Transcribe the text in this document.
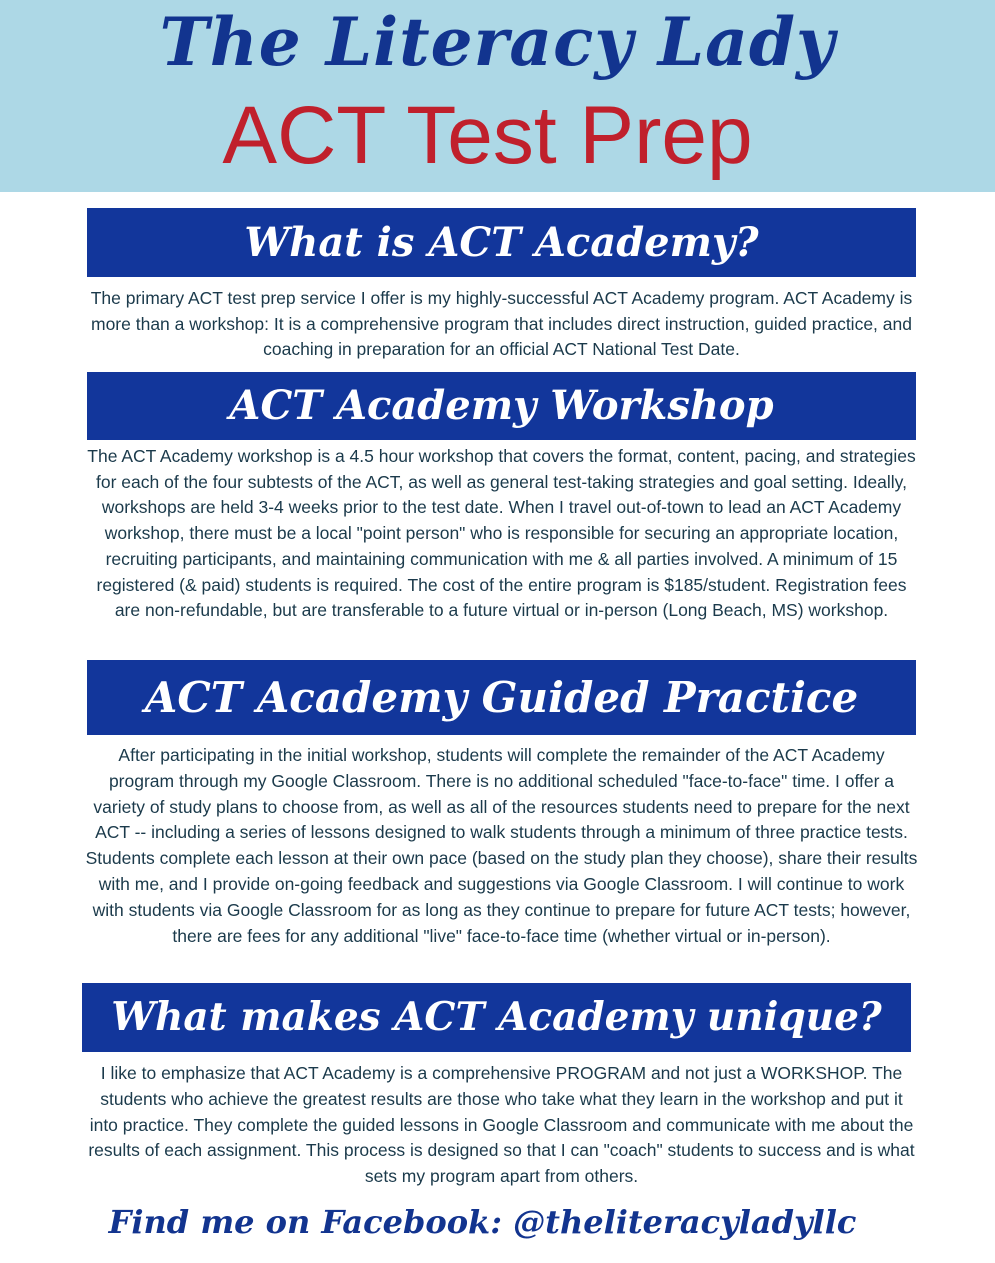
The Literacy Lady
ACT Test Prep
What is ACT Academy?
The primary ACT test prep service I offer is my highly-successful ACT Academy program. ACT Academy is more than a workshop: It is a comprehensive program that includes direct instruction, guided practice, and coaching in preparation for an official ACT National Test Date.
ACT Academy Workshop
The ACT Academy workshop is a 4.5 hour workshop that covers the format, content, pacing, and strategies for each of the four subtests of the ACT, as well as general test-taking strategies and goal setting. Ideally, workshops are held 3-4 weeks prior to the test date. When I travel out-of-town to lead an ACT Academy workshop, there must be a local "point person" who is responsible for securing an appropriate location, recruiting participants, and maintaining communication with me & all parties involved. A minimum of 15 registered (& paid) students is required. The cost of the entire program is $185/student. Registration fees are non-refundable, but are transferable to a future virtual or in-person (Long Beach, MS) workshop.
ACT Academy Guided Practice
After participating in the initial workshop, students will complete the remainder of the ACT Academy program through my Google Classroom. There is no additional scheduled "face-to-face" time. I offer a variety of study plans to choose from, as well as all of the resources students need to prepare for the next ACT -- including a series of lessons designed to walk students through a minimum of three practice tests. Students complete each lesson at their own pace (based on the study plan they choose), share their results with me, and I provide on-going feedback and suggestions via Google Classroom. I will continue to work with students via Google Classroom for as long as they continue to prepare for future ACT tests; however, there are fees for any additional "live" face-to-face time (whether virtual or in-person).
What makes ACT Academy unique?
I like to emphasize that ACT Academy is a comprehensive PROGRAM and not just a WORKSHOP. The students who achieve the greatest results are those who take what they learn in the workshop and put it into practice. They complete the guided lessons in Google Classroom and communicate with me about the results of each assignment. This process is designed so that I can "coach" students to success and is what sets my program apart from others.
Find me on Facebook: @theliteracyladyllc
